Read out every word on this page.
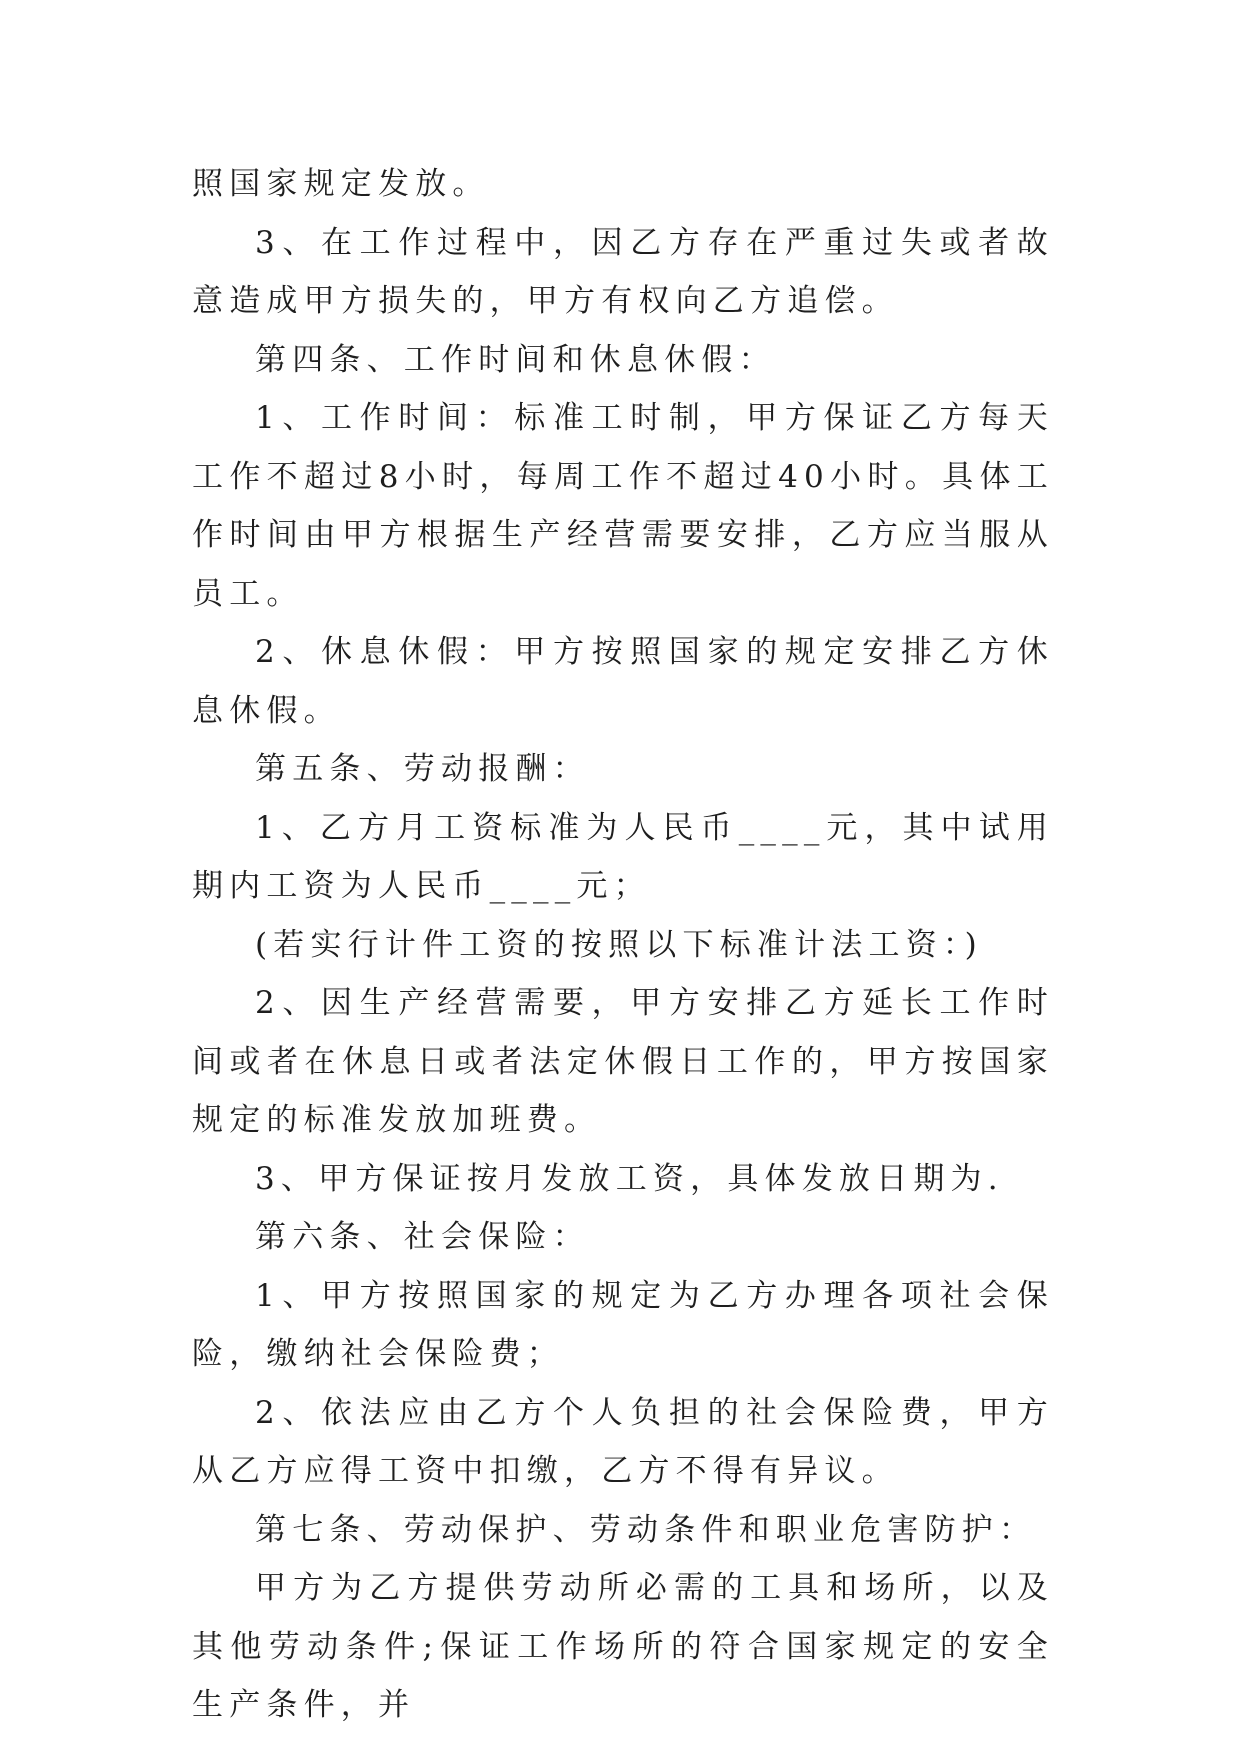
照国家规定发放。

3、在工作过程中，因乙方存在严重过失或者故意造成甲方损失的，甲方有权向乙方追偿。

第四条、工作时间和休息休假：

1、工作时间：标准工时制，甲方保证乙方每天工作不超过8小时，每周工作不超过40小时。具体工作时间由甲方根据生产经营需要安排，乙方应当服从员工。

2、休息休假：甲方按照国家的规定安排乙方休息休假。

第五条、劳动报酬：

1、乙方月工资标准为人民币____元，其中试用期内工资为人民币____元；

(若实行计件工资的按照以下标准计法工资：)

2、因生产经营需要，甲方安排乙方延长工作时间或者在休息日或者法定休假日工作的，甲方按国家规定的标准发放加班费。

3、甲方保证按月发放工资，具体发放日期为.

第六条、社会保险：

1、甲方按照国家的规定为乙方办理各项社会保险，缴纳社会保险费；

2、依法应由乙方个人负担的社会保险费，甲方从乙方应得工资中扣缴，乙方不得有异议。

第七条、劳动保护、劳动条件和职业危害防护：

甲方为乙方提供劳动所必需的工具和场所，以及其他劳动条件;保证工作场所的符合国家规定的安全生产条件，并
